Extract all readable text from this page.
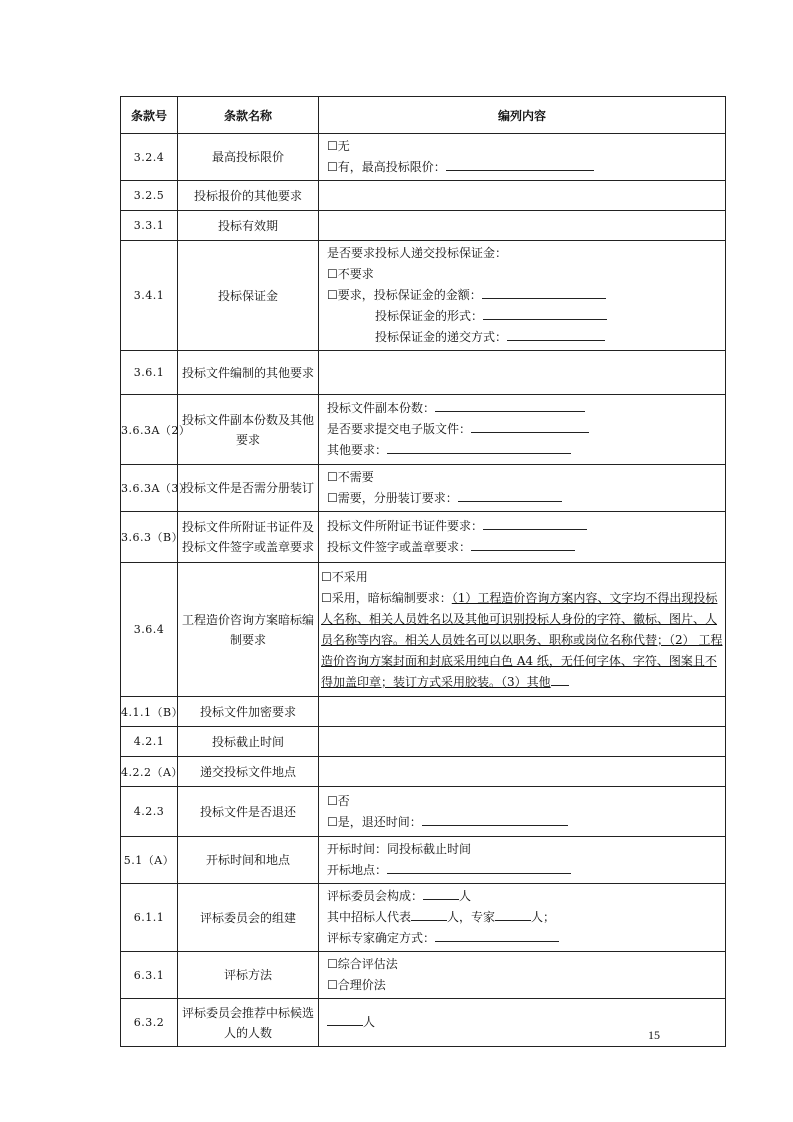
条款号	条款名称	编列内容
3.2.4	最高投标限价	☐无
☐有，最高投标限价：

3.2.5	投标报价的其他要求	
3.3.1	投标有效期	
3.4.1	投标保证金	是否要求投标人递交投标保证金：
☐不要求
☐要求，投标保证金的金额：
投标保证金的形式：
投标保证金的递交方式：

3.6.1	投标文件编制的其他要求	
3.6.3A（2）	投标文件副本份数及其他要求	投标文件副本份数：
是否要求提交电子版文件：
其他要求：

3.6.3A（3）	投标文件是否需分册装订	☐不需要
☐需要，分册装订要求：

3.6.3（B）	投标文件所附证书证件及投标文件签字或盖章要求	投标文件所附证书证件要求：
投标文件签字或盖章要求：

3.6.4	工程造价咨询方案暗标编制要求	☐不采用
☐采用，暗标编制要求：（1）工程造价咨询方案内容、文字均不得出现投标人名称、相关人员姓名以及其他可识别投标人身份的字符、徽标、图片、人员名称等内容。相关人员姓名可以以职务、职称或岗位名称代替；（2） 工程造价咨询方案封面和封底采用纯白色 A4 纸，无任何字体、字符、图案且不得加盖印章；装订方式采用胶装。（3）其他
4.1.1（B）	投标文件加密要求	
4.2.1	投标截止时间	
4.2.2（A）	递交投标文件地点	
4.2.3	投标文件是否退还	☐否
☐是，退还时间：

5.1（A）	开标时间和地点	开标时间：同投标截止时间
开标地点：

6.1.1	评标委员会的组建	评标委员会构成： 人
其中招标人代表 人，专家 人；
评标专家确定方式：

6.3.1	评标方法	☐综合评估法
☐合理价法

6.3.2	评标委员会推荐中标候选人的人数	人
15
